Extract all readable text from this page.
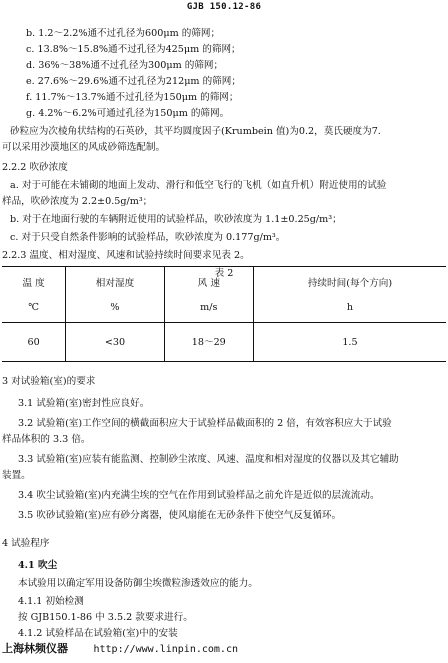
GJB 150.12-86
b. 1.2～2.2%通不过孔径为600μm 的筛网；
c. 13.8%～15.8%通不过孔径为425μm 的筛网；
d. 36%～38%通不过孔径为300μm 的筛网；
e. 27.6%～29.6%通不过孔径为212μm 的筛网；
f. 11.7%～13.7%通不过孔径为150μm 的筛网；
g. 4.2%～6.2%可通过孔径为150μm 的筛网。
砂粒应为次棱角状结构的石英砂，其平均圆度因子(Krumbein 值)为0.2，莫氏硬度为7.
可以采用沙漠地区的风成砂筛选配制。
2.2.2 吹砂浓度
a. 对于可能在未铺砌的地面上发动、滑行和低空飞行的飞机（如直升机）附近使用的试验
样品，吹砂浓度为 2.2±0.5g/m³；
b. 对于在地面行驶的车辆附近使用的试验样品，吹砂浓度为 1.1±0.25g/m³；
c. 对于只受自然条件影响的试验样品，吹砂浓度为 0.177g/m³。
2.2.3 温度、相对湿度、风速和试验持续时间要求见表 2。
表 2
温 度	相对湿度	风 速	持续时间(每个方向)
℃	%	m/s	h
60	<30	18～29	1.5
3 对试验箱(室)的要求
3.1 试验箱(室)密封性应良好。
3.2 试验箱(室)工作空间的横截面积应大于试验样品截面积的 2 倍，有效容积应大于试验
样品体积的 3.3 倍。
3.3 试验箱(室)应装有能监测、控制砂尘浓度、风速、温度和相对湿度的仪器以及其它辅助
装置。
3.4 吹尘试验箱(室)内充满尘埃的空气在作用到试验样品之前允许是近似的层流流动。
3.5 吹砂试验箱(室)应有砂分离器，使风扇能在无砂条件下使空气反复循环。
4 试验程序
4.1 吹尘
本试验用以确定军用设备防御尘埃微粒渗透效应的能力。
4.1.1 初始检测
按 GJB150.1-86 中 3.5.2 款要求进行。
4.1.2 试验样品在试验箱(室)中的安装
上海林频仪器	http://www.linpin.com.cn
